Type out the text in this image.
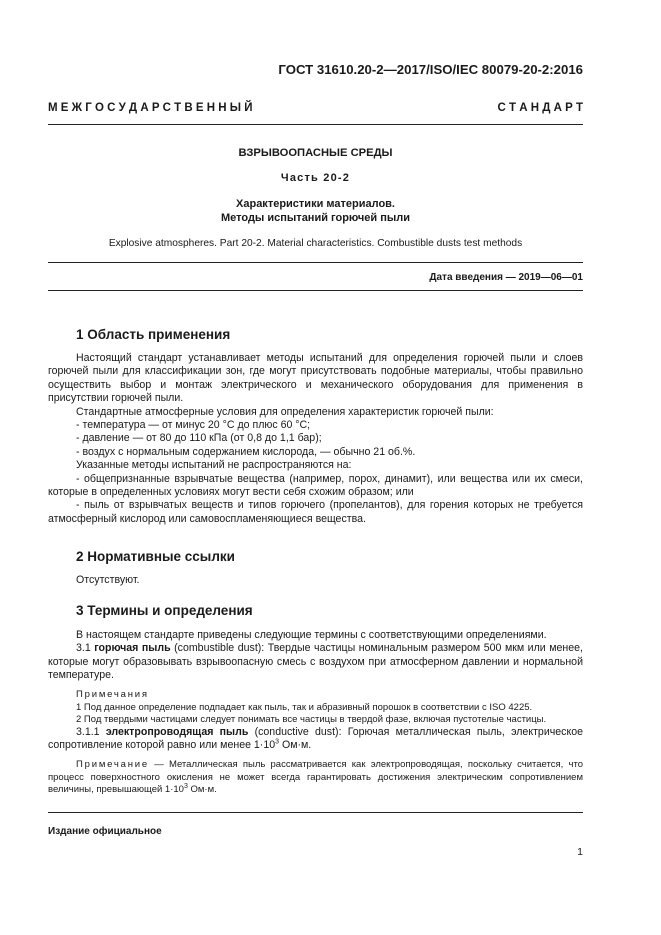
ГОСТ 31610.20-2—2017/ISO/IEC 80079-20-2:2016
М Е Ж Г О С У Д А Р С Т В Е Н Н Ы Й	С Т А Н Д А Р Т
ВЗРЫВООПАСНЫЕ СРЕДЫ
Часть 20-2
Характеристики материалов.
Методы испытаний горючей пыли
Explosive atmospheres. Part 20-2. Material characteristics. Combustible dusts test methods
Дата введения — 2019—06—01
1 Область применения

Настоящий стандарт устанавливает методы испытаний для определения горючей пыли и слоев горючей пыли для классификации зон, где могут присутствовать подобные материалы, чтобы правильно осуществить выбор и монтаж электрического и механического оборудования для применения в присутствии горючей пыли.

Стандартные атмосферные условия для определения характеристик горючей пыли:

- температура — от минус 20 °С до плюс 60 °С;

- давление — от 80 до 110 кПа (от 0,8 до 1,1 бар);

- воздух с нормальным содержанием кислорода, — обычно 21 об.%.

Указанные методы испытаний не распространяются на:

- общепризнанные взрывчатые вещества (например, порох, динамит), или вещества или их смеси, которые в определенных условиях могут вести себя схожим образом; или

- пыль от взрывчатых веществ и типов горючего (пропелантов), для горения которых не требуется атмосферный кислород или самовоспламеняющиеся вещества.

2 Нормативные ссылки

Отсутствуют.

3 Термины и определения

В настоящем стандарте приведены следующие термины с соответствующими определениями.

3.1 горючая пыль (combustible dust): Твердые частицы номинальным размером 500 мкм или менее, которые могут образовывать взрывоопасную смесь с воздухом при атмосферном давлении и нормальной температуре.

Примечания

1 Под данное определение подпадает как пыль, так и абразивный порошок в соответствии с ISO 4225.

2 Под твердыми частицами следует понимать все частицы в твердой фазе, включая пустотелые частицы.

3.1.1 электропроводящая пыль (conductive dust): Горючая металлическая пыль, электрическое сопротивление которой равно или менее $1\cdot 10^3$ Ом·м.

Примечание — Металлическая пыль рассматривается как электропроводящая, поскольку считается, что процесс поверхностного окисления не может всегда гарантировать достижения электрическим сопротивлением величины, превышающей $1\cdot 10^3$ Ом·м.

Издание официальное
1
